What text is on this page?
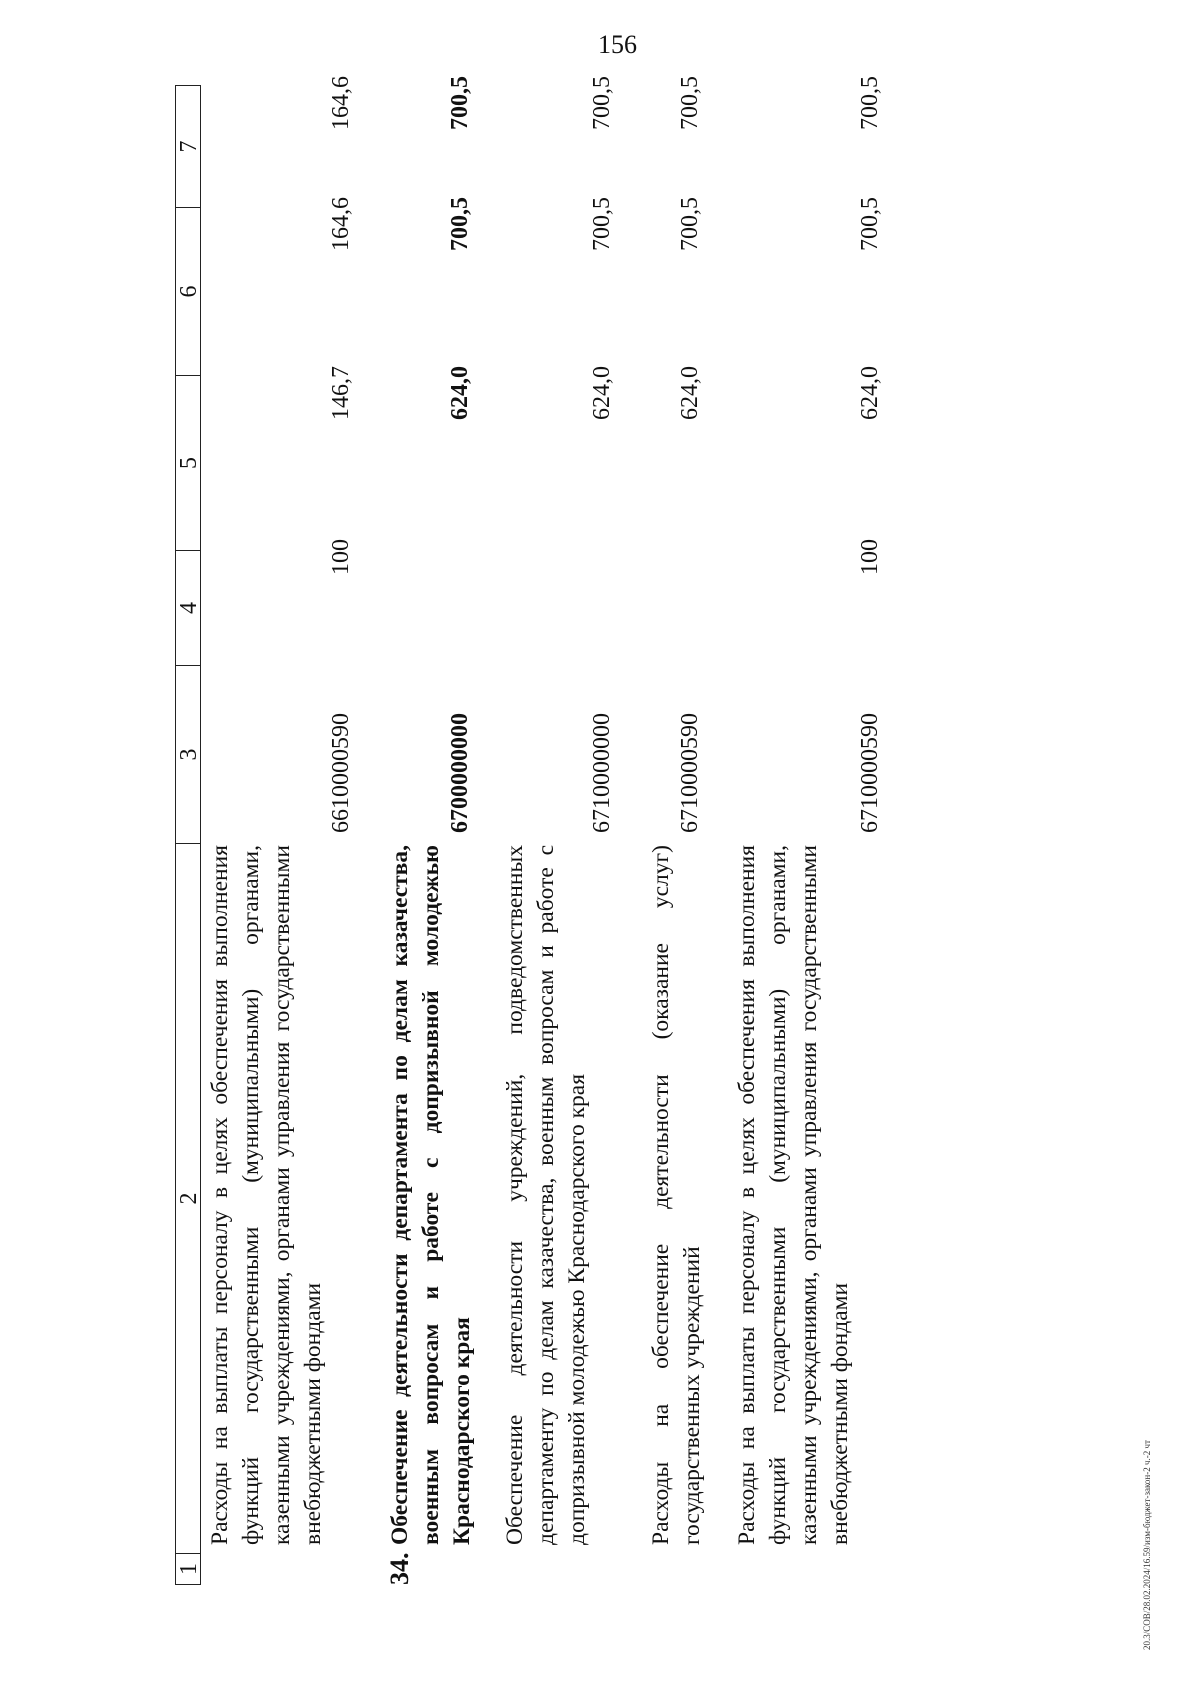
156
20.3/СОВ/28.02.2024/16.59/изм-бюджет-закон-2 ч.-2 чт
1
2
3
4
5
6
7
Расходы на выплаты персоналу в целях обеспечения выполнения функций государственными (муниципальными) органами, казенными учреждениями, органами управления государственными внебюджетными фондами
6610000590
100
146,7
164,6
164,6
34.
Обеспечение деятельности департамента по делам казачества, военным вопросам и работе с допризывной молодежью Краснодарского края
6700000000
624,0
700,5
700,5
Обеспечение деятельности учреждений, подведомственных департаменту по делам казачества, военным вопросам и работе с допризывной молодежью Краснодарского края
6710000000
624,0
700,5
700,5
Расходы на обеспечение деятельности (оказание услуг) государственных учреждений
6710000590
624,0
700,5
700,5
Расходы на выплаты персоналу в целях обеспечения выполнения функций государственными (муниципальными) органами, казенными учреждениями, органами управления государственными внебюджетными фондами
6710000590
100
624,0
700,5
700,5
